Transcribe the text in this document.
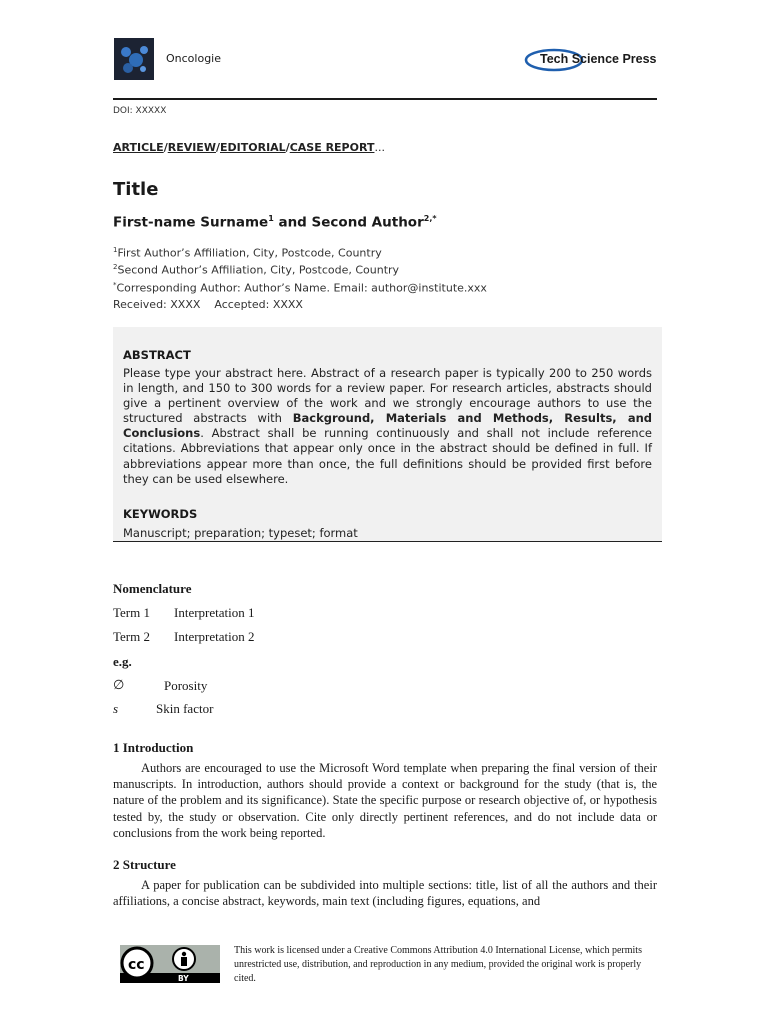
Oncologie	Tech Science Press
DOI: XXXXX
ARTICLE/REVIEW/EDITORIAL/CASE REPORT...
Title
First-name Surname$^1$ and Second Author$^{2,*}$
$^1$First Author’s Affiliation, City, Postcode, Country
$^2$Second Author’s Affiliation, City, Postcode, Country
*Corresponding Author: Author’s Name. Email: author@institute.xxx
Received: XXXX    Accepted: XXXX
ABSTRACT
Please type your abstract here. Abstract of a research paper is typically 200 to 250 words in length, and 150 to 300 words for a review paper. For research articles, abstracts should give a pertinent overview of the work and we strongly encourage authors to use the structured abstracts with Background, Materials and Methods, Results, and Conclusions. Abstract shall be running continuously and shall not include reference citations. Abbreviations that appear only once in the abstract should be defined in full. If abbreviations appear more than once, the full definitions should be provided first before they can be used elsewhere.
KEYWORDS
Manuscript; preparation; typeset; format
Nomenclature
Term 1 Interpretation 1
Term 2 Interpretation 2
e.g.
∅	Porosity
s	Skin factor
1 Introduction
Authors are encouraged to use the Microsoft Word template when preparing the final version of their manuscripts. In introduction, authors should provide a context or background for the study (that is, the nature of the problem and its significance). State the specific purpose or research objective of, or hypothesis tested by, the study or observation. Cite only directly pertinent references, and do not include data or conclusions from the work being reported.
2 Structure
A paper for publication can be subdivided into multiple sections: title, list of all the authors and their affiliations, a concise abstract, keywords, main text (including figures, equations, and
cc
BY
This work is licensed under a Creative Commons Attribution 4.0 International License, which permits unrestricted use, distribution, and reproduction in any medium, provided the original work is properly cited.
